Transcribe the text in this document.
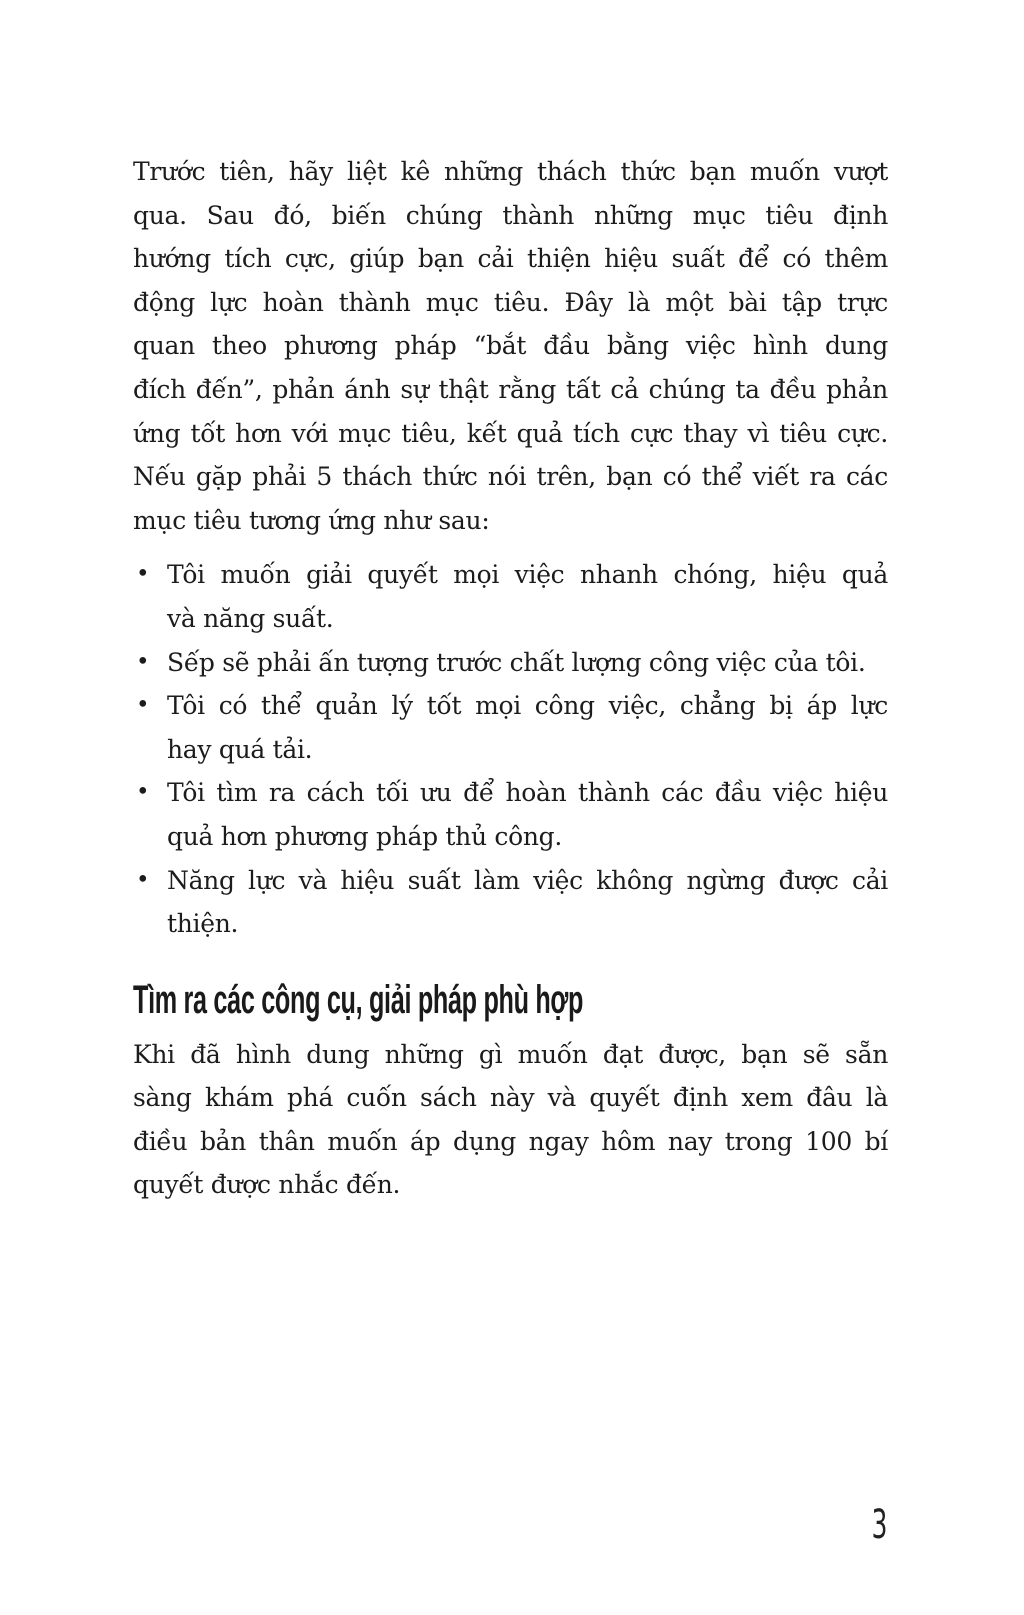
Trước tiên, hãy liệt kê những thách thức bạn muốn vượt
qua. Sau đó, biến chúng thành những mục tiêu định
hướng tích cực, giúp bạn cải thiện hiệu suất để có thêm
động lực hoàn thành mục tiêu. Đây là một bài tập trực
quan theo phương pháp “bắt đầu bằng việc hình dung
đích đến”, phản ánh sự thật rằng tất cả chúng ta đều phản
ứng tốt hơn với mục tiêu, kết quả tích cực thay vì tiêu cực.
Nếu gặp phải 5 thách thức nói trên, bạn có thể viết ra các
mục tiêu tương ứng như sau:
• Tôi muốn giải quyết mọi việc nhanh chóng, hiệu quả
và năng suất.
• Sếp sẽ phải ấn tượng trước chất lượng công việc của tôi.
• Tôi có thể quản lý tốt mọi công việc, chẳng bị áp lực
hay quá tải.
• Tôi tìm ra cách tối ưu để hoàn thành các đầu việc hiệu
quả hơn phương pháp thủ công.
• Năng lực và hiệu suất làm việc không ngừng được cải
thiện.
Tìm ra các công cụ, giải pháp phù hợp
Khi đã hình dung những gì muốn đạt được, bạn sẽ sẵn
sàng khám phá cuốn sách này và quyết định xem đâu là
điều bản thân muốn áp dụng ngay hôm nay trong 100 bí
quyết được nhắc đến.
3
